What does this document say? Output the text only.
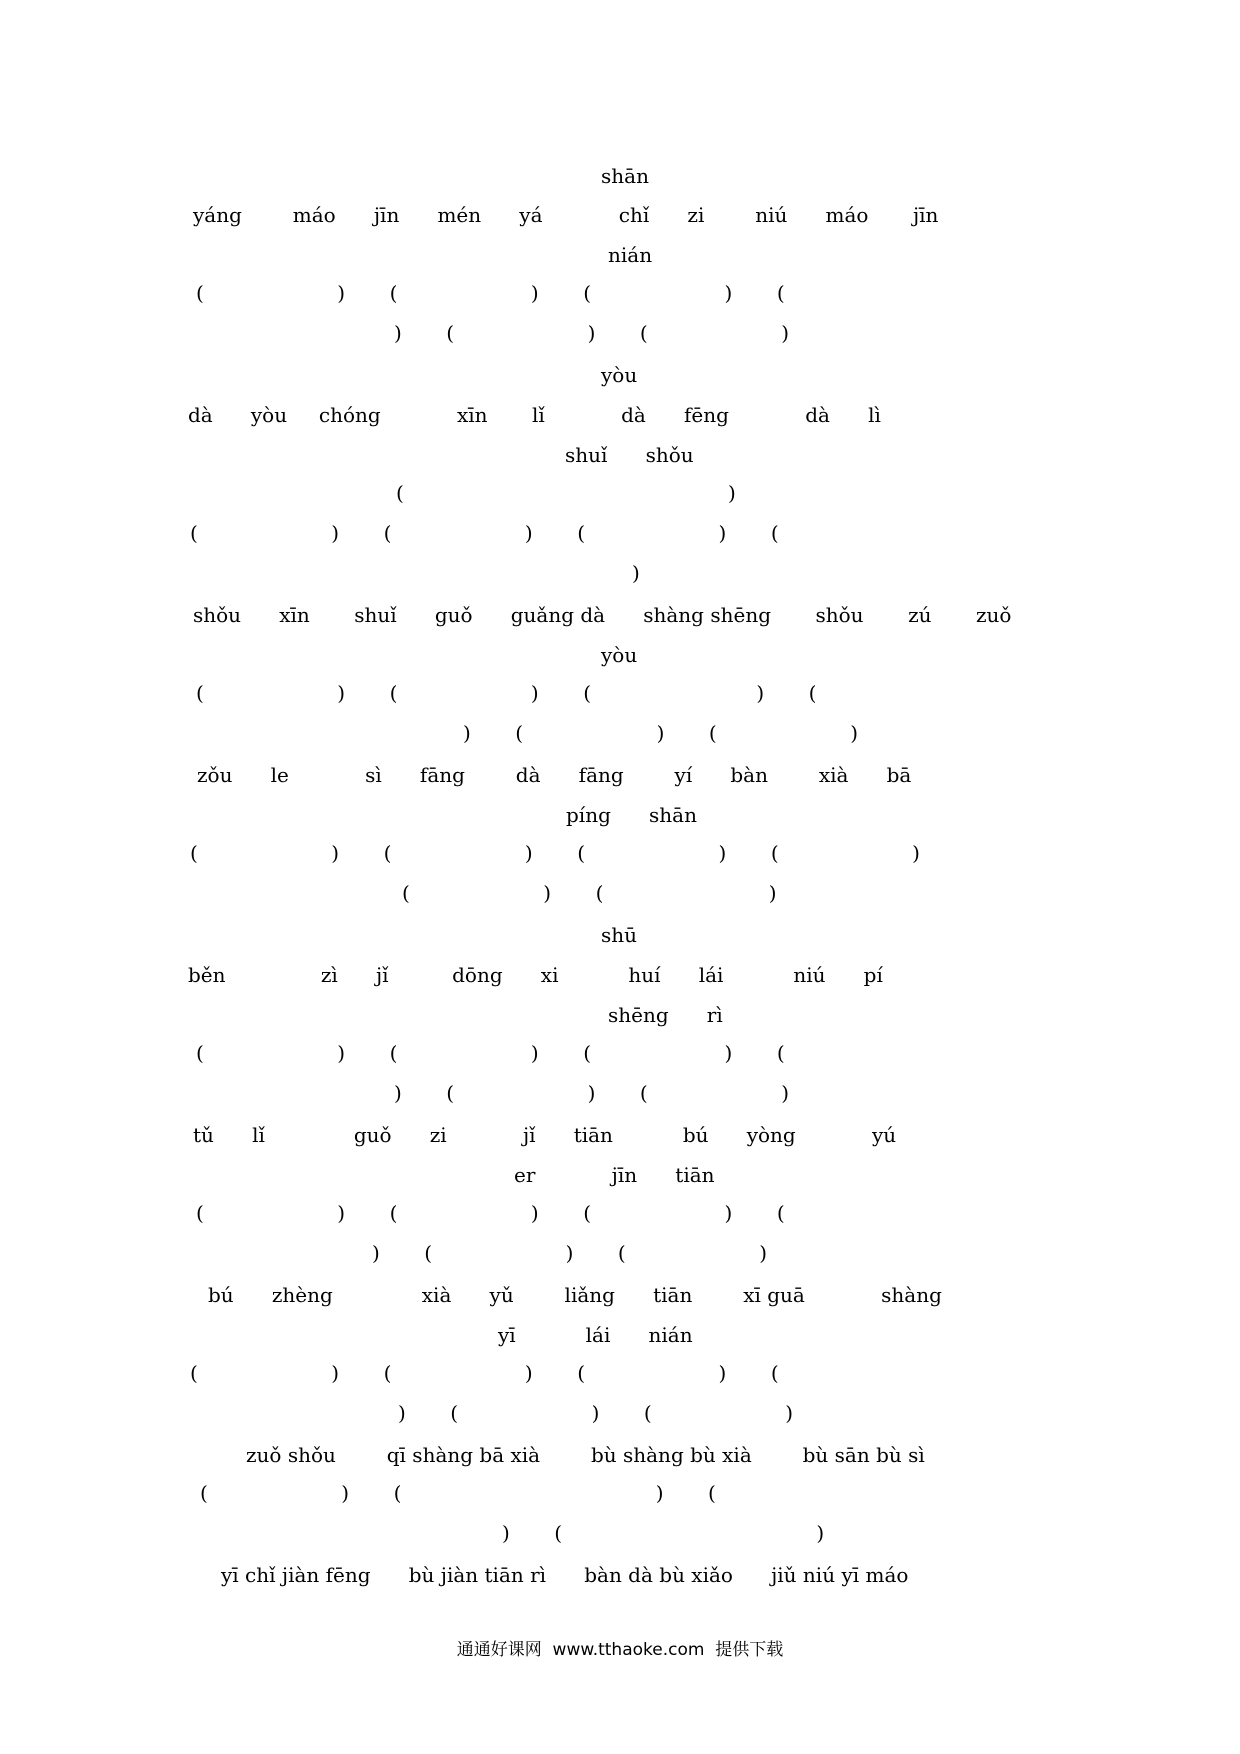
shān
yáng        máo      jīn      mén      yá            chǐ      zi        niú      máo       jīn
nián
(                     )       (                     )       (                     )       (
)       (                     )       (                     )
yòu
dà      yòu     chóng            xīn       lǐ            dà      fēng            dà      lì
shuǐ      shǒu
(                                                   )
(                     )       (                     )       (                     )       (
)
shǒu      xīn       shuǐ      guǒ      guǎng dà      shàng shēng       shǒu       zú       zuǒ
yòu
(                     )       (                     )       (                          )       (
)       (                     )       (                     )
zǒu      le            sì      fāng        dà      fāng        yí      bàn        xià      bā
píng      shān
(                     )       (                     )       (                     )       (                     )
(                     )       (                          )
shū
běn               zì      jǐ          dōng      xi           huí      lái           niú      pí
shēng      rì
(                     )       (                     )       (                     )       (
)       (                     )       (                     )
tǔ      lǐ              guǒ      zi            jǐ      tiān           bú      yòng            yú
er            jīn      tiān
(                     )       (                     )       (                     )       (
)       (                     )       (                     )
bú      zhèng              xià      yǔ        liǎng      tiān        xī guā            shàng
yī           lái      nián
(                     )       (                     )       (                     )       (
)       (                     )       (                     )
zuǒ shǒu        qī shàng bā xià        bù shàng bù xià        bù sān bù sì
(                     )       (                                        )       (
)       (                                        )
yī chǐ jiàn fēng      bù jiàn tiān rì      bàn dà bù xiǎo      jiǔ niú yī máo
通通好课网  www.tthaoke.com  提供下载
